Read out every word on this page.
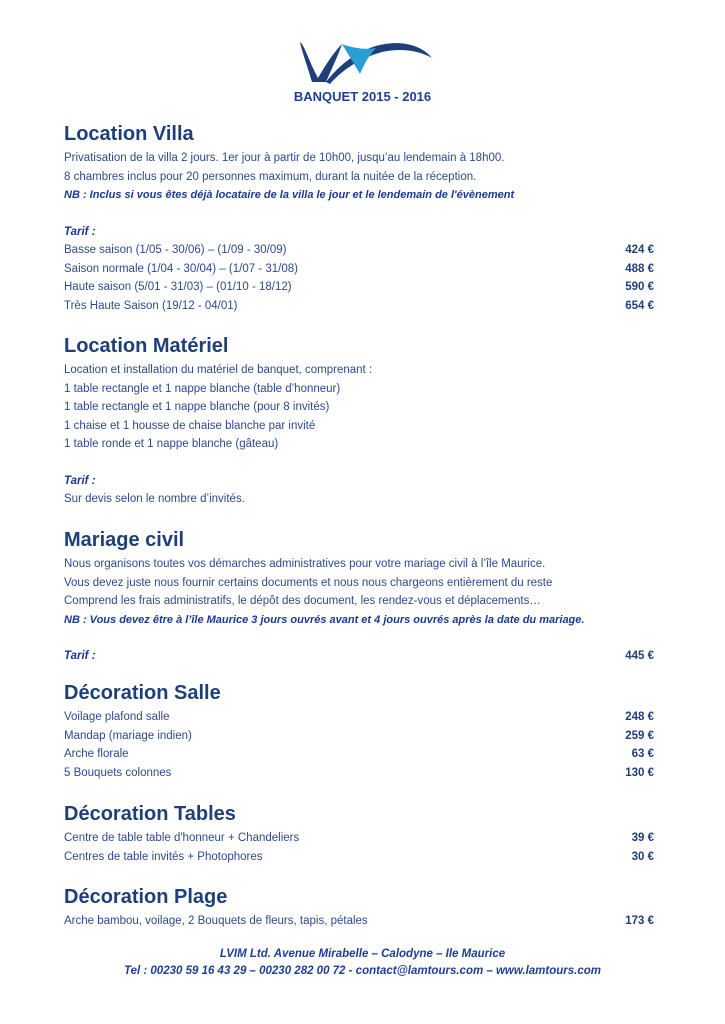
BANQUET 2015 - 2016
Location Villa
Privatisation de la villa 2 jours. 1er jour à partir de 10h00, jusqu’au lendemain à 18h00.
8 chambres inclus pour 20 personnes maximum, durant la nuitée de la réception.
NB : Inclus si vous êtes déjà locataire de la villa le jour et le lendemain de l'évènement
Tarif :
Basse saison (1/05 - 30/06) – (1/09 - 30/09)	424 €
Saison normale (1/04 - 30/04) – (1/07 - 31/08)	488 €
Haute saison (5/01 - 31/03) – (01/10 - 18/12)	590 €
Très Haute Saison (19/12 - 04/01)	654 €
Location Matériel
Location et installation du matériel de banquet, comprenant :
1 table rectangle et 1 nappe blanche (table d’honneur)
1 table rectangle et 1 nappe blanche (pour 8 invités)
1 chaise et 1 housse de chaise blanche par invité
1 table ronde et 1 nappe blanche (gâteau)
Tarif :
Sur devis selon le nombre d’invités.
Mariage civil
Nous organisons toutes vos démarches administratives pour votre mariage civil à l’île Maurice.
Vous devez juste nous fournir certains documents et nous nous chargeons entièrement du reste
Comprend les frais administratifs, le dépôt des document, les rendez-vous et déplacements…
NB : Vous devez être à l’île Maurice 3 jours ouvrés avant et 4 jours ouvrés après la date du mariage.
Tarif :	445 €
Décoration Salle
Voilage plafond salle	248 €
Mandap (mariage indien)	259 €
Arche florale	63 €
5 Bouquets colonnes	130 €
Décoration Tables
Centre de table table d'honneur + Chandeliers	39 €
Centres de table invités + Photophores	30 €
Décoration Plage
Arche bambou, voilage, 2 Bouquets de fleurs, tapis, pétales	173 €
LVIM Ltd. Avenue Mirabelle – Calodyne – Ile Maurice
Tel : 00230 59 16 43 29 – 00230 282 00 72 - contact@lamtours.com – www.lamtours.com
